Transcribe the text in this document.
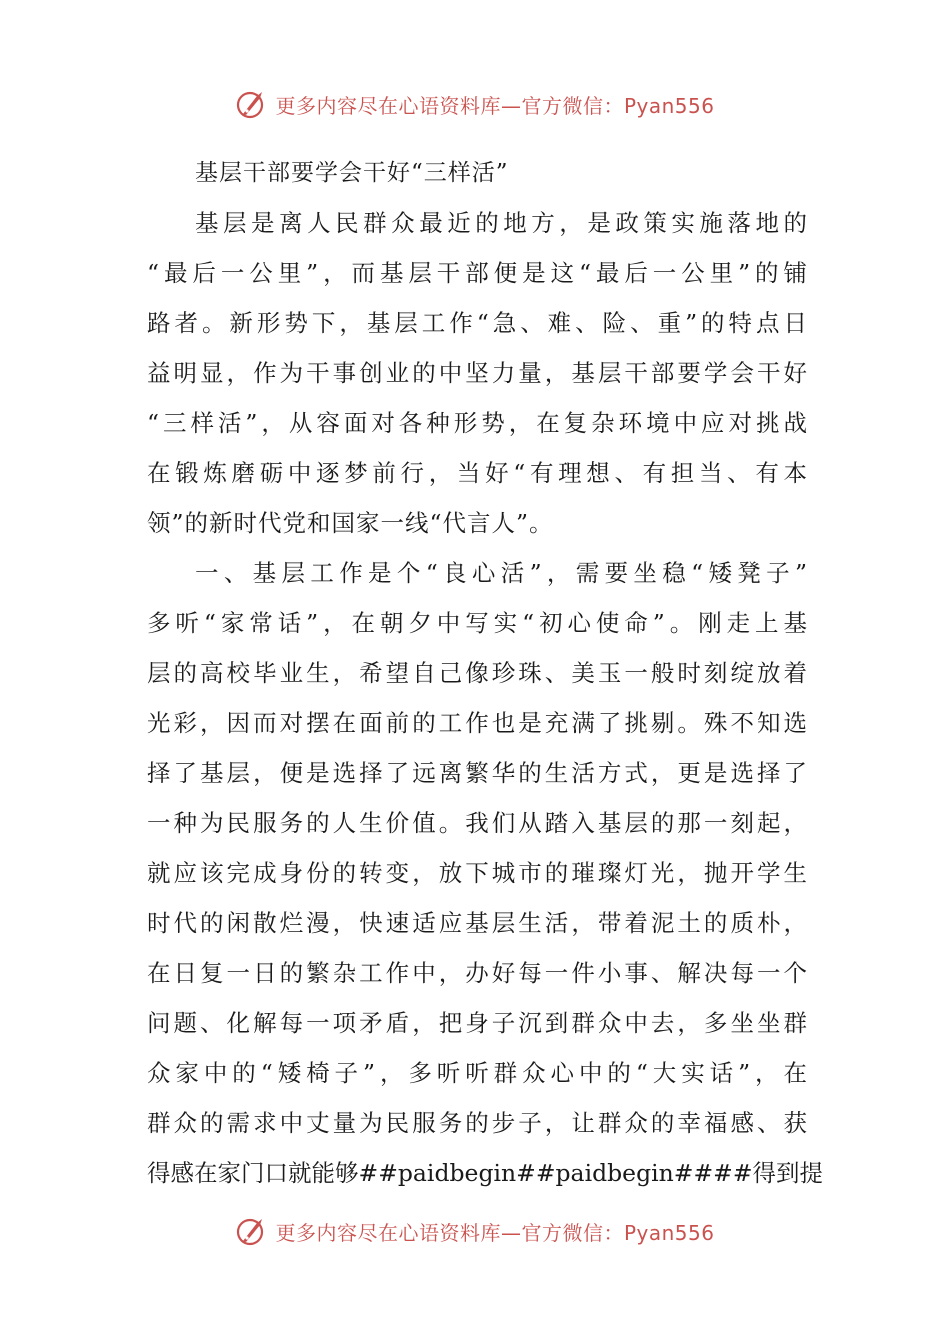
更多内容尽在心语资料库—官方微信：Pyan556
基层干部要学会干好“三样活”
基层是离人民群众最近的地方，是政策实施落地的
“最后一公里”，而基层干部便是这“最后一公里”的铺
路者。新形势下，基层工作“急、难、险、重”的特点日
益明显，作为干事创业的中坚力量，基层干部要学会干好
“三样活”，从容面对各种形势，在复杂环境中应对挑战
在锻炼磨砺中逐梦前行，当好“有理想、有担当、有本
领”的新时代党和国家一线“代言人”。
一、基层工作是个“良心活”，需要坐稳“矮凳子”
多听“家常话”，在朝夕中写实“初心使命”。刚走上基
层的高校毕业生，希望自己像珍珠、美玉一般时刻绽放着
光彩，因而对摆在面前的工作也是充满了挑剔。殊不知选
择了基层，便是选择了远离繁华的生活方式，更是选择了
一种为民服务的人生价值。我们从踏入基层的那一刻起，
就应该完成身份的转变，放下城市的璀璨灯光，抛开学生
时代的闲散烂漫，快速适应基层生活，带着泥土的质朴，
在日复一日的繁杂工作中，办好每一件小事、解决每一个
问题、化解每一项矛盾，把身子沉到群众中去，多坐坐群
众家中的“矮椅子”，多听听群众心中的“大实话”，在
群众的需求中丈量为民服务的步子，让群众的幸福感、获
得感在家门口就能够##paidbegin##paidbegin####得到提
更多内容尽在心语资料库—官方微信：Pyan556
